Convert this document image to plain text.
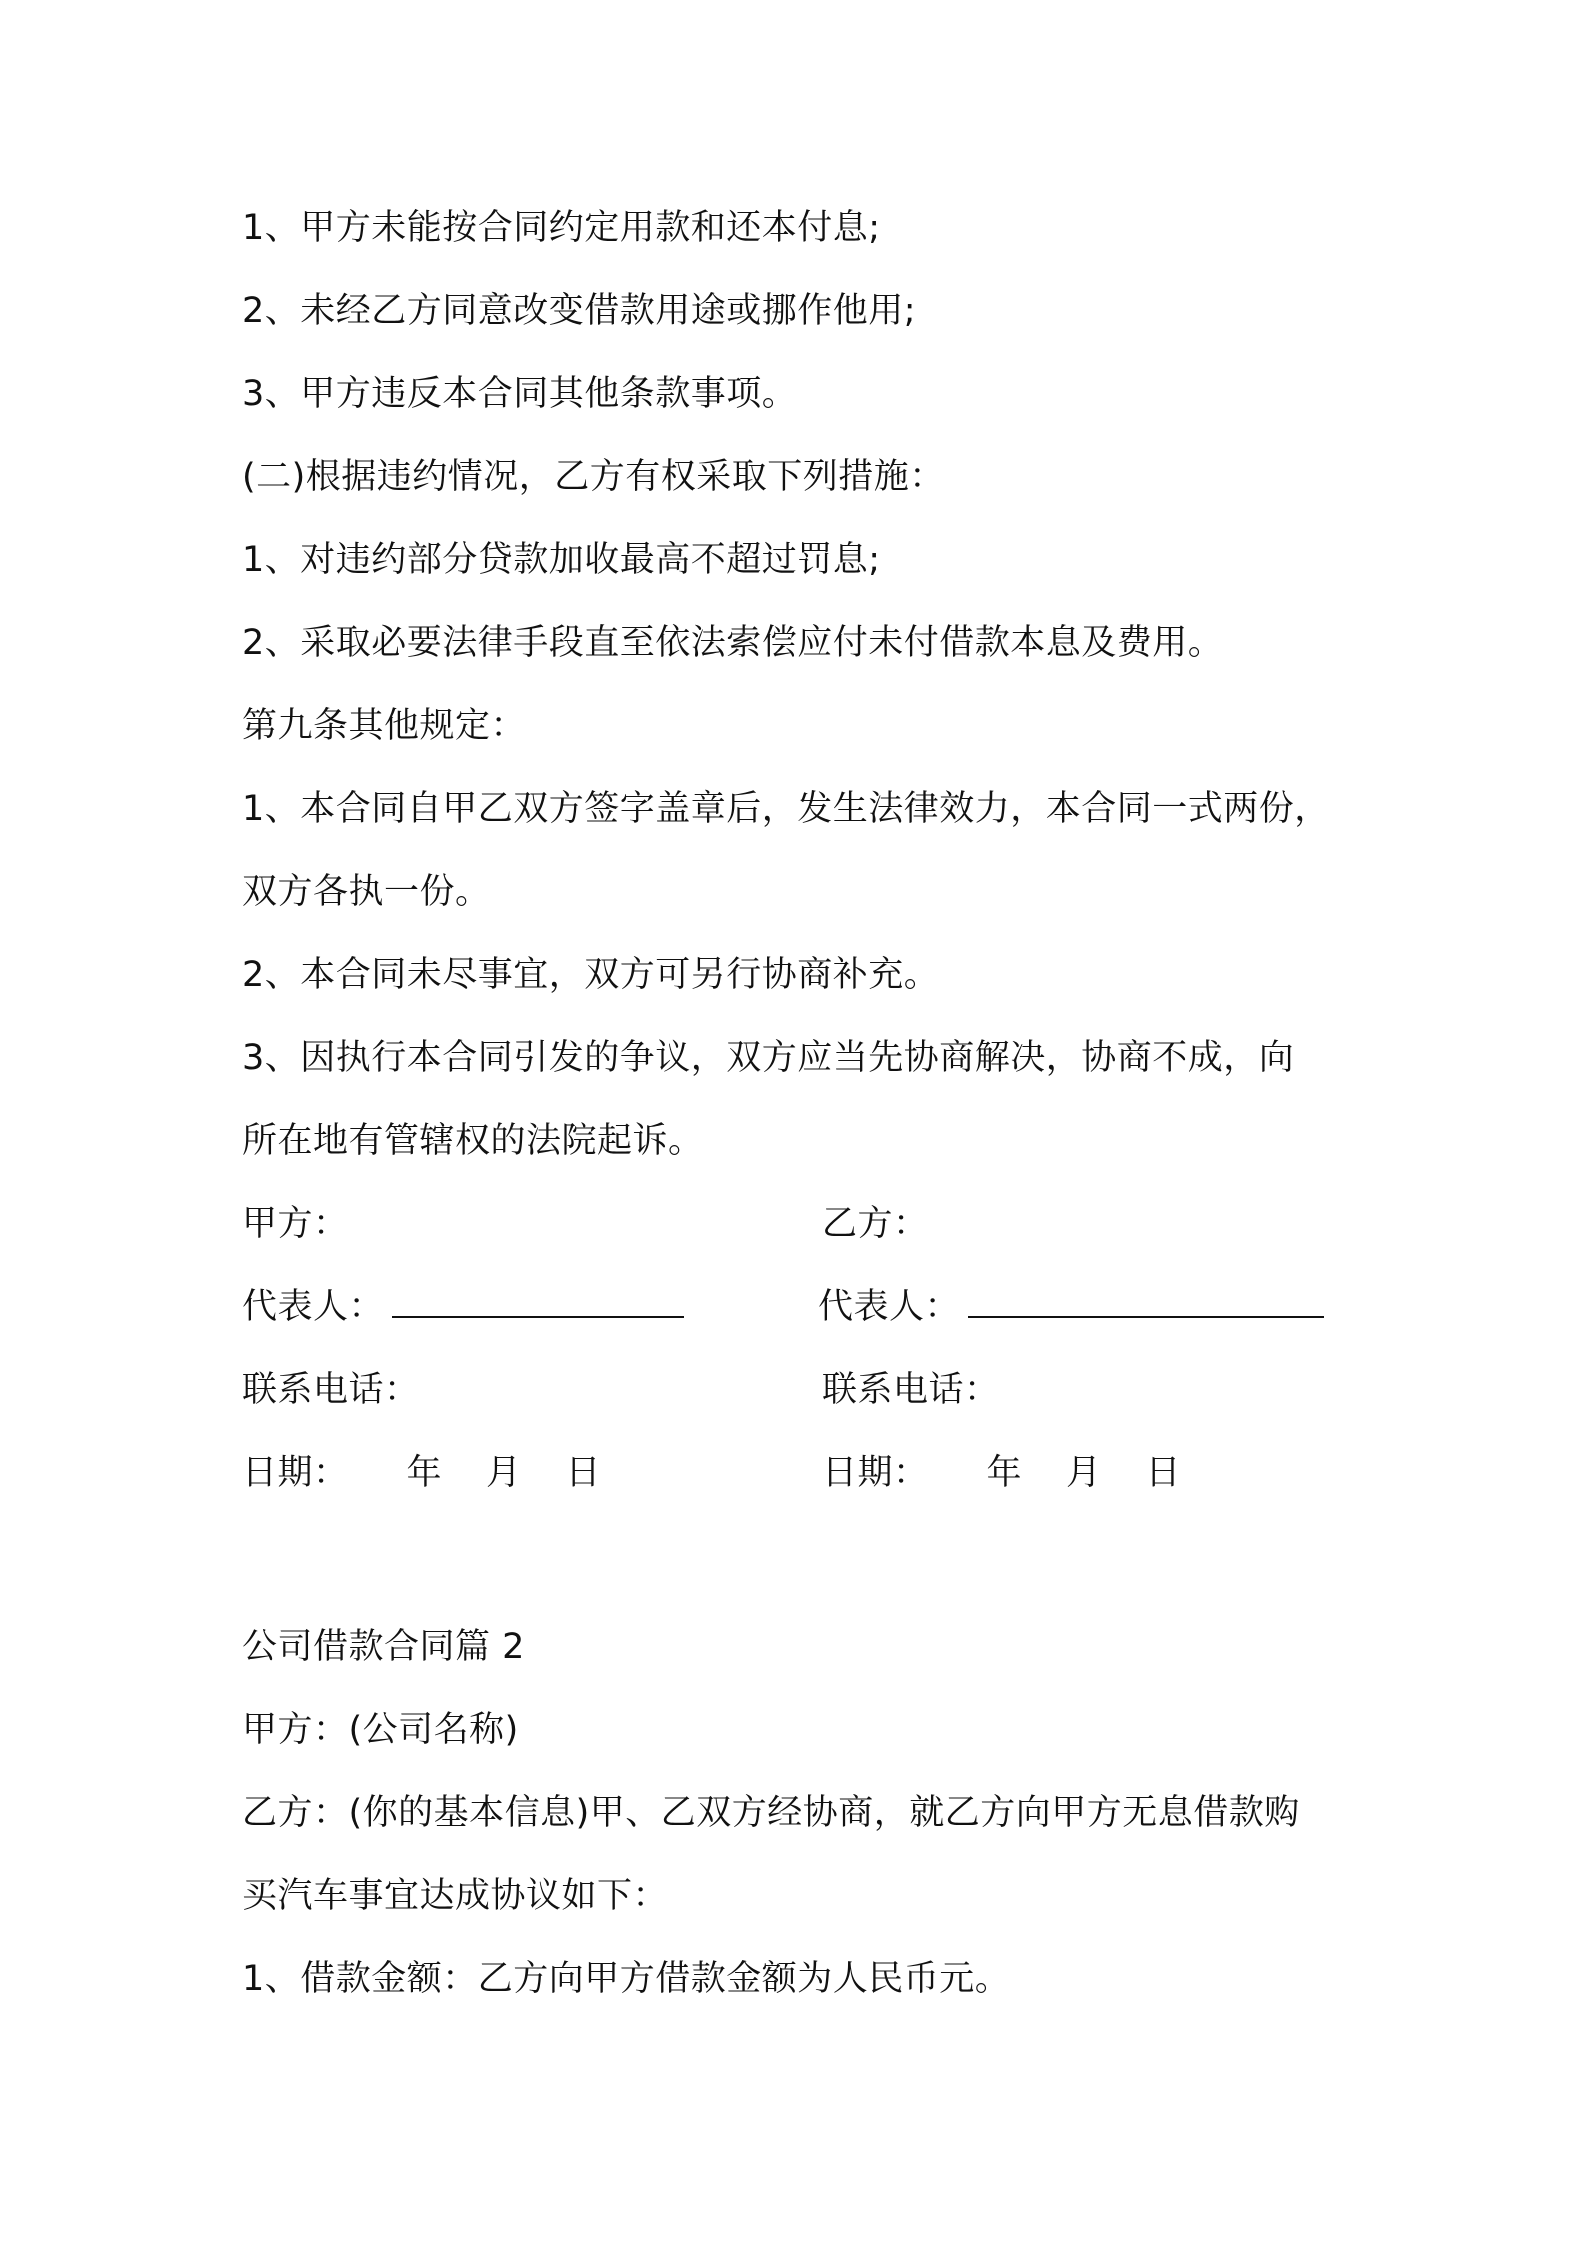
1、甲方未能按合同约定用款和还本付息;
2、未经乙方同意改变借款用途或挪作他用;
3、甲方违反本合同其他条款事项。
(二)根据违约情况，乙方有权采取下列措施：
1、对违约部分贷款加收最高不超过罚息;
2、采取必要法律手段直至依法索偿应付未付借款本息及费用。
第九条其他规定：
1、本合同自甲乙双方签字盖章后，发生法律效力，本合同一式两份，
双方各执一份。
2、本合同未尽事宜，双方可另行协商补充。
3、因执行本合同引发的争议，双方应当先协商解决，协商不成，向
所在地有管辖权的法院起诉。
甲方：	乙方：
代表人：	代表人：
联系电话：	联系电话：
日期： 年 月 日	日期： 年 月 日
公司借款合同篇 2
甲方：(公司名称)
乙方：(你的基本信息)甲、乙双方经协商，就乙方向甲方无息借款购
买汽车事宜达成协议如下：
1、借款金额：乙方向甲方借款金额为人民币元。
